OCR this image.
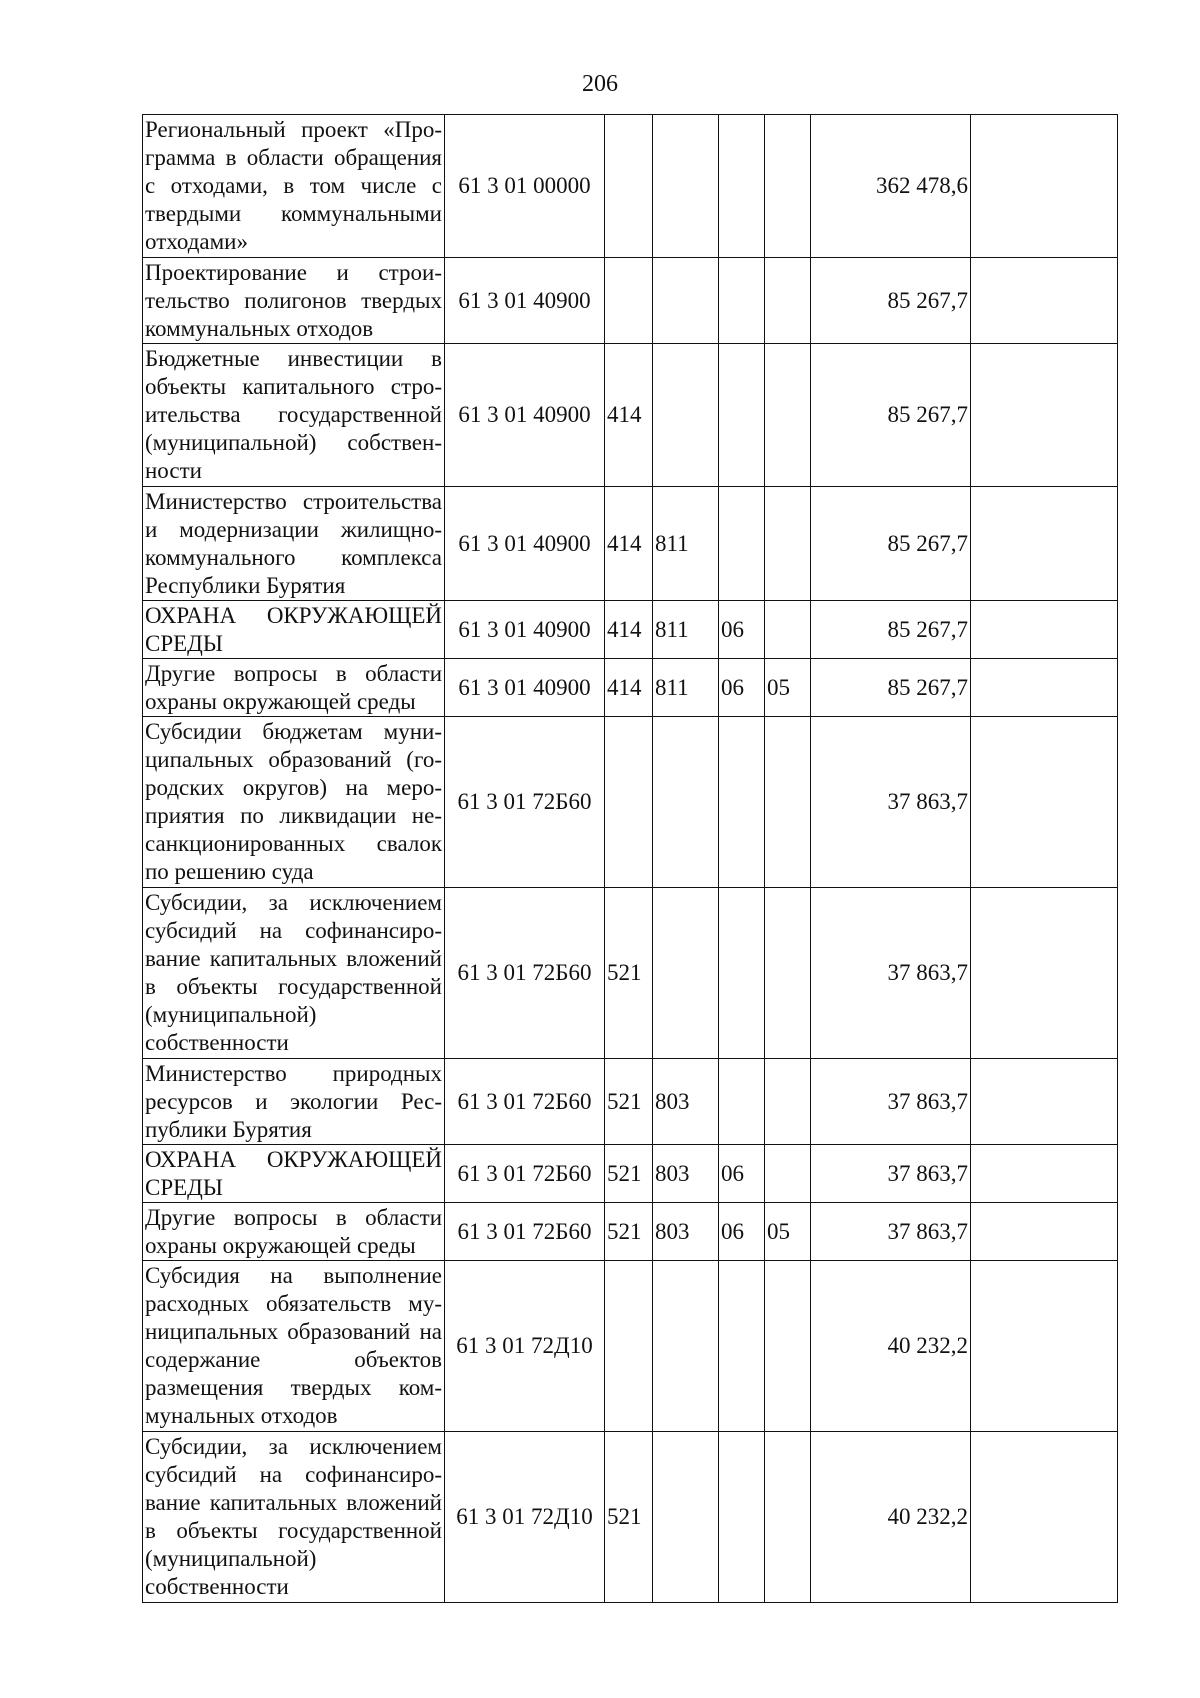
206
Региональный проект «Программа в области обращения с отходами, в том числе с твердыми коммунальными отходами»	61 3 01 00000					362 478,6	
Проектирование и строительство полигонов твердых коммунальных отходов	61 3 01 40900					85 267,7	
Бюджетные инвестиции в объекты капитального строительства государственной (муниципальной) собственности	61 3 01 40900	414				85 267,7	
Министерство строительства и модернизации жилищно-коммунального комплекса Республики Бурятия	61 3 01 40900	414	811			85 267,7	
ОХРАНА ОКРУЖАЮЩЕЙ СРЕДЫ	61 3 01 40900	414	811	06		85 267,7	
Другие вопросы в области охраны окружающей среды	61 3 01 40900	414	811	06	05	85 267,7	
Субсидии бюджетам муниципальных образований (городских округов) на мероприятия по ликвидации несанкционированных свалок по решению суда	61 3 01 72Б60					37 863,7	
Субсидии, за исключением субсидий на софинансирование капитальных вложений в объекты государственной (муниципальной) собственности	61 3 01 72Б60	521				37 863,7	
Министерство природных ресурсов и экологии Республики Бурятия	61 3 01 72Б60	521	803			37 863,7	
ОХРАНА ОКРУЖАЮЩЕЙ СРЕДЫ	61 3 01 72Б60	521	803	06		37 863,7	
Другие вопросы в области охраны окружающей среды	61 3 01 72Б60	521	803	06	05	37 863,7	
Субсидия на выполнение расходных обязательств муниципальных образований на содержание объектов размещения твердых коммунальных отходов	61 3 01 72Д10					40 232,2	
Субсидии, за исключением субсидий на софинансирование капитальных вложений в объекты государственной (муниципальной) собственности	61 3 01 72Д10	521				40 232,2	
